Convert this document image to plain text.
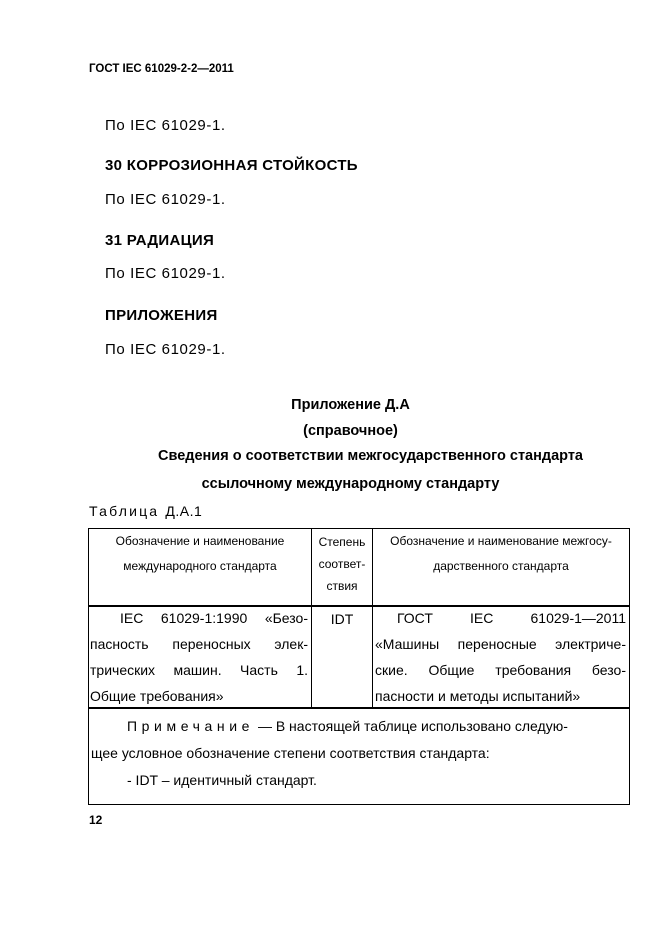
ГОСТ IEC 61029-2-2—2011
По IEC 61029-1.
30 КОРРОЗИОННАЯ СТОЙКОСТЬ
По IEC 61029-1.
31 РАДИАЦИЯ
По IEC 61029-1.
ПРИЛОЖЕНИЯ
По IEC 61029-1.
Приложение Д.А
(справочное)
Сведения о соответствии межгосударственного стандарта
ссылочному международному стандарту
Таблица Д.А.1
Обозначение и наименование
международного стандарта
Степень
соответ-
ствия
Обозначение и наименование межгосу-
дарственного стандарта
IEC 61029-1:1990 «Безо-
пасность переносных элек-
трических машин. Часть 1.
Общие требования»
IDT	ГОСТ IEC 61029-1—2011
«Машины переносные электриче-
ские. Общие требования безо-
пасности и методы испытаний»
Примечание — В настоящей таблице использовано следую-
щее условное обозначение степени соответствия стандарта:
- IDT – идентичный стандарт.
12
